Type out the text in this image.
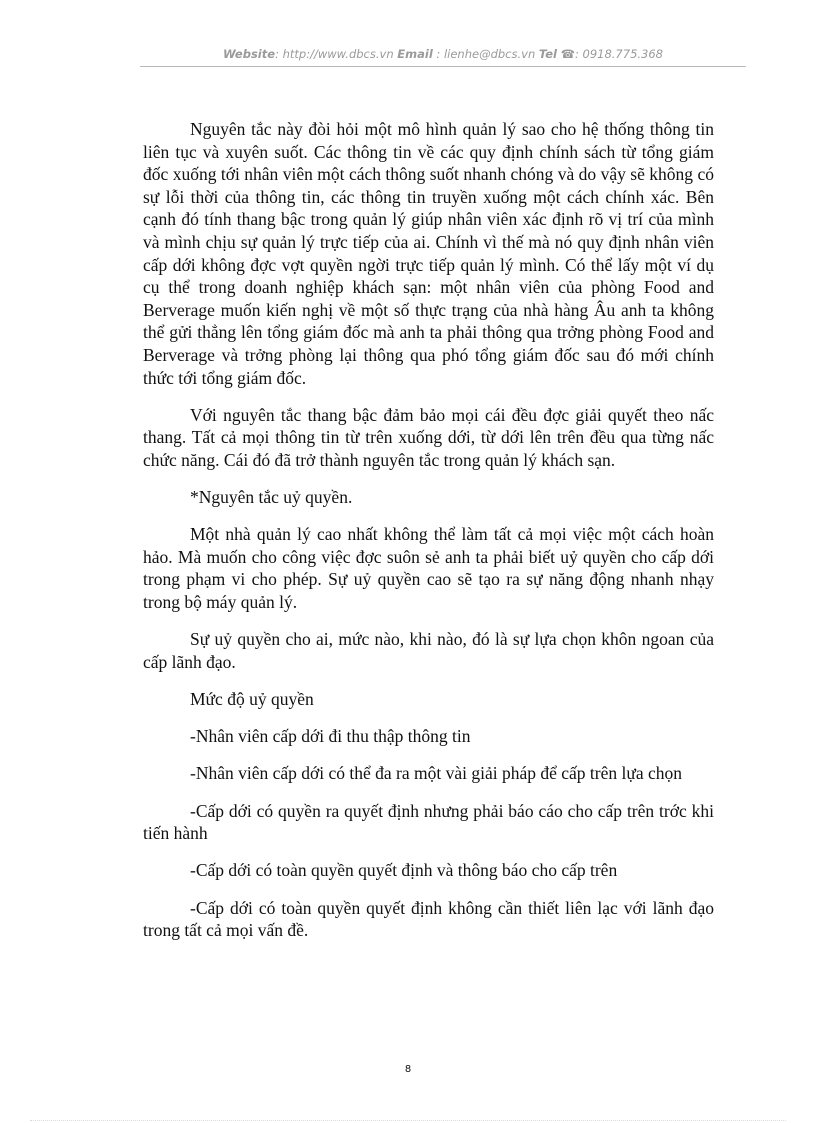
Website: http://www.dbcs.vn Email : lienhe@dbcs.vn Tel ☎: 0918.775.368

Nguyên tắc này đòi hỏi một mô hình quản lý sao cho hệ thống thông tin liên tục và xuyên suốt. Các thông tin về các quy định chính sách từ tổng giám đốc xuống tới nhân viên một cách thông suốt nhanh chóng và do vậy sẽ không có sự lỗi thời của thông tin, các thông tin truyền xuống một cách chính xác. Bên cạnh đó tính thang bậc trong quản lý giúp nhân viên xác định rõ vị trí của mình và mình chịu sự quản lý trực tiếp của ai. Chính vì thế mà nó quy định nhân viên cấp dới không đợc vợt quyền ngời trực tiếp quản lý mình. Có thể lấy một ví dụ cụ thể trong doanh nghiệp khách sạn: một nhân viên của phòng Food and Berverage muốn kiến nghị về một số thực trạng của nhà hàng Âu anh ta không thể gửi thẳng lên tổng giám đốc mà anh ta phải thông qua trởng phòng Food and Berverage và trởng phòng lại thông qua phó tổng giám đốc sau đó mới chính thức tới tổng giám đốc.

Với nguyên tắc thang bậc đảm bảo mọi cái đều đợc giải quyết theo nấc thang. Tất cả mọi thông tin từ trên xuống dới, từ dới lên trên đều qua từng nấc chức năng. Cái đó đã trở thành nguyên tắc trong quản lý khách sạn.

*Nguyên tắc uỷ quyền.

Một nhà quản lý cao nhất không thể làm tất cả mọi việc một cách hoàn hảo. Mà muốn cho công việc đợc suôn sẻ anh ta phải biết uỷ quyền cho cấp dới trong phạm vi cho phép. Sự uỷ quyền cao sẽ tạo ra sự năng động nhanh nhạy trong bộ máy quản lý.

Sự uỷ quyền cho ai, mức nào, khi nào, đó là sự lựa chọn khôn ngoan của cấp lãnh đạo.

Mức độ uỷ quyền

-Nhân viên cấp dới đi thu thập thông tin

-Nhân viên cấp dới có thể đa ra một vài giải pháp để cấp trên lựa chọn

-Cấp dới có quyền ra quyết định nhưng phải báo cáo cho cấp trên trớc khi tiến hành

-Cấp dới có toàn quyền quyết định và thông báo cho cấp trên

-Cấp dới có toàn quyền quyết định không cần thiết liên lạc với lãnh đạo trong tất cả mọi vấn đề.

8
